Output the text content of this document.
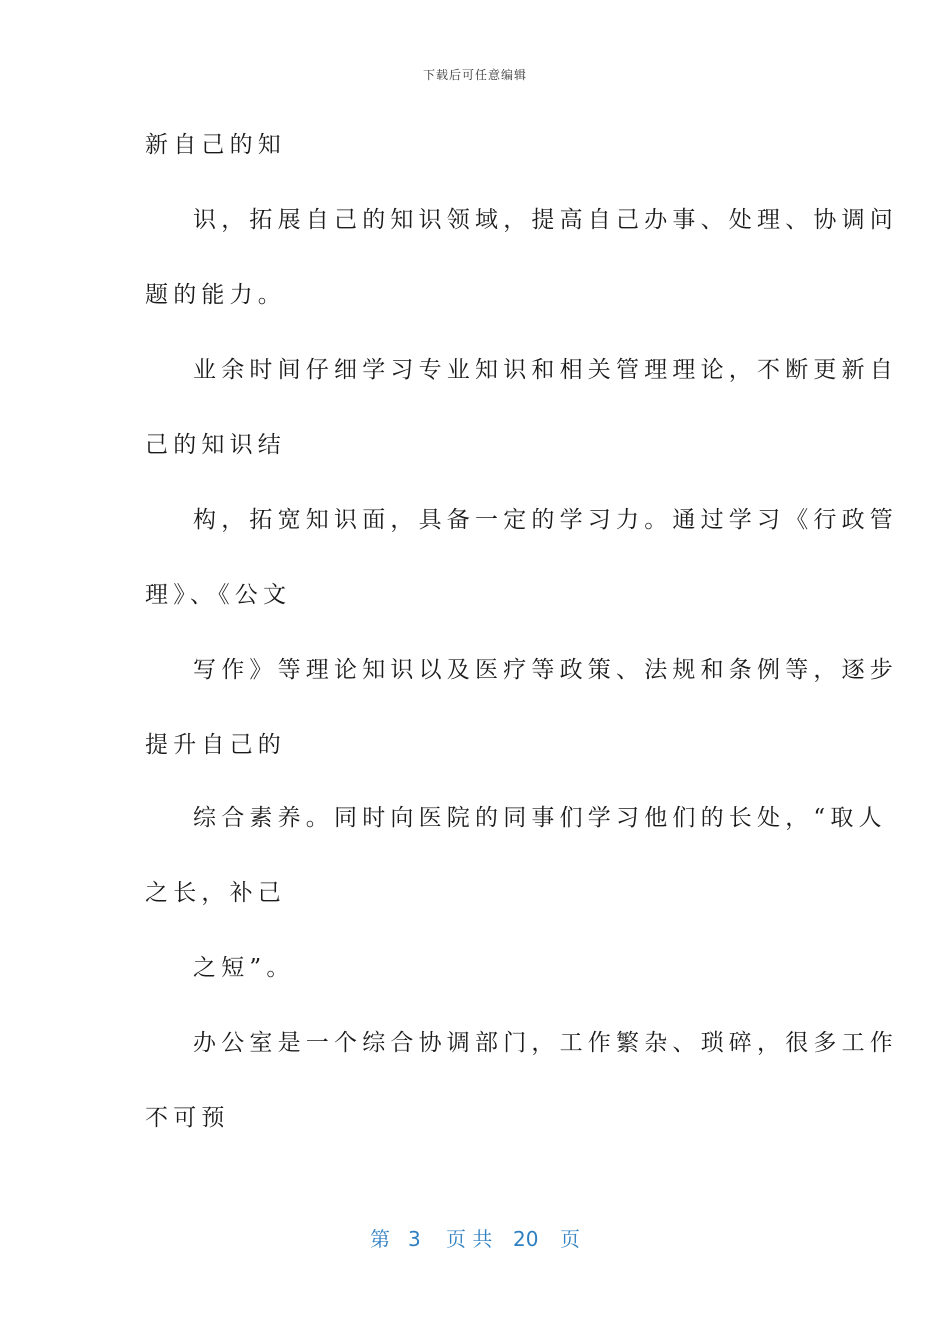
下载后可任意编辑
新自己的知
识，拓展自己的知识领域，提高自己办事、处理、协调问
题的能力。
业余时间仔细学习专业知识和相关管理理论，不断更新自
己的知识结
构，拓宽知识面，具备一定的学习力。通过学习《行政管
理》、《公文
写作》等理论知识以及医疗等政策、法规和条例等，逐步
提升自己的
综合素养。同时向医院的同事们学习他们的长处，“取人
之长，补己
之短”。
办公室是一个综合协调部门，工作繁杂、琐碎，很多工作
不可预
第 3 页 共 20 页
